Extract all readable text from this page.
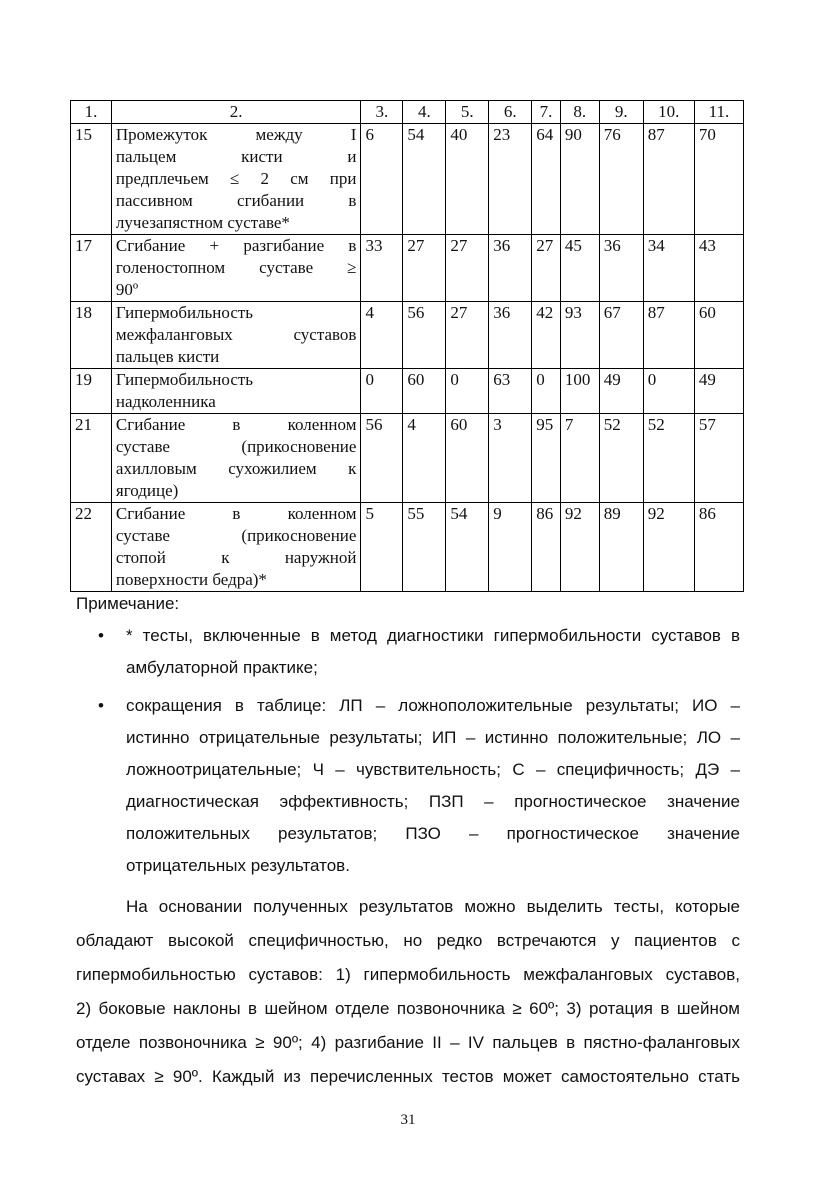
1.	2.	3.	4.	5.	6.	7.	8.	9.	10.	11.
15	Промежуток между I
пальцем кисти и
предплечьем ≤ 2 см при
пассивном сгибании в
лучезапястном суставе*	6	54	40	23	64	90	76	87	70
17	Сгибание + разгибание в
голеностопном суставе ≥
90º	33	27	27	36	27	45	36	34	43
18	Гипермобильность
межфаланговых суставов
пальцев кисти	4	56	27	36	42	93	67	87	60
19	Гипермобильность
надколенника	0	60	0	63	0	100	49	0	49
21	Сгибание в коленном
суставе (прикосновение
ахилловым сухожилием к
ягодице)	56	4	60	3	95	7	52	52	57
22	Сгибание в коленном
суставе (прикосновение
стопой к наружной
поверхности бедра)*	5	55	54	9	86	92	89	92	86
Примечание:
• * тесты, включенные в метод диагностики гипермобильности суставов в
амбулаторной практике;
• сокращения в таблице: ЛП – ложноположительные результаты; ИО –
истинно отрицательные результаты; ИП – истинно положительные; ЛО –
ложноотрицательные; Ч – чувствительность; С – специфичность; ДЭ –
диагностическая эффективность; ПЗП – прогностическое значение
положительных результатов; ПЗО – прогностическое значение
отрицательных результатов.
На основании полученных результатов можно выделить тесты, которые
обладают высокой специфичностью, но редко встречаются у пациентов с
гипермобильностью суставов: 1) гипермобильность межфаланговых суставов,
2) боковые наклоны в шейном отделе позвоночника ≥ 60º; 3) ротация в шейном
отделе позвоночника ≥ 90º; 4) разгибание II – IV пальцев в пястно-фаланговых
суставах ≥ 90º. Каждый из перечисленных тестов может самостоятельно стать
31
